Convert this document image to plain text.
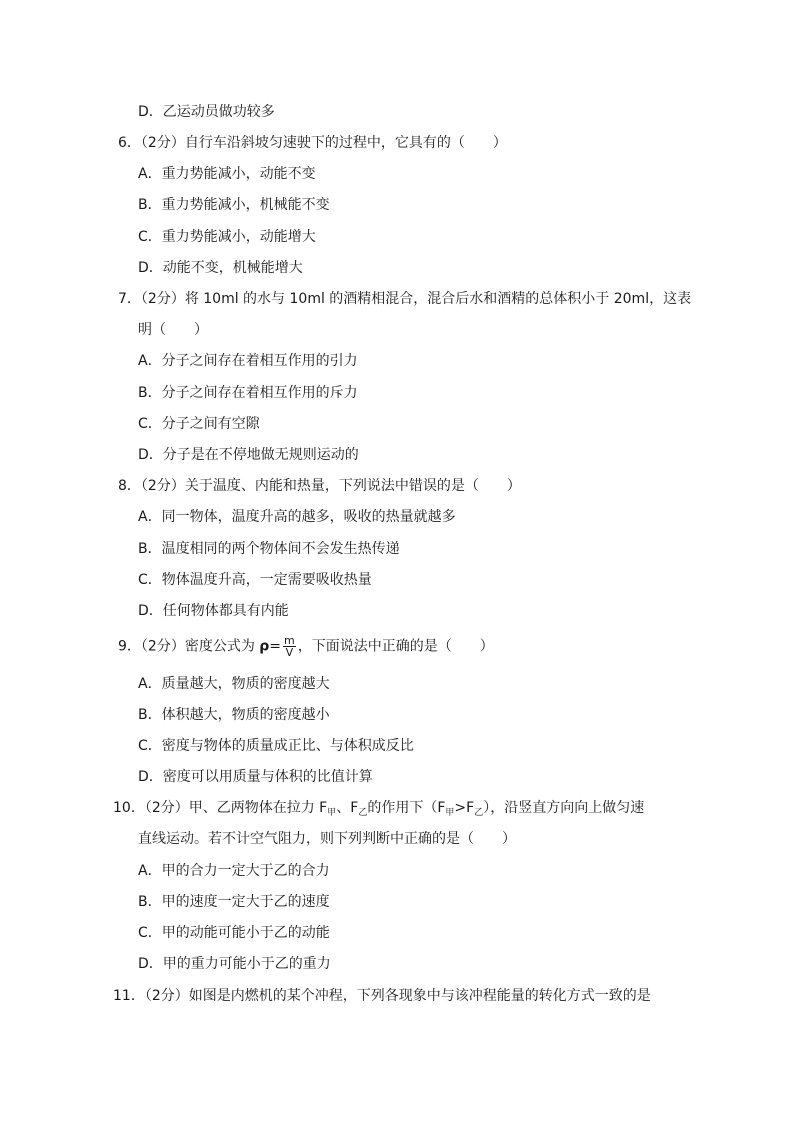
D．乙运动员做功较多
6．（2分）自行车沿斜坡匀速驶下的过程中，它具有的（　　）
A．重力势能减小，动能不变
B．重力势能减小，机械能不变
C．重力势能减小，动能增大
D．动能不变，机械能增大
7．（2分）将 10ml 的水与 10ml 的酒精相混合，混合后水和酒精的总体积小于 20ml，这表
明（　　）
A．分子之间存在着相互作用的引力
B．分子之间存在着相互作用的斥力
C．分子之间有空隙
D．分子是在不停地做无规则运动的
8．（2分）关于温度、内能和热量，下列说法中错误的是（　　）
A．同一物体，温度升高的越多，吸收的热量就越多
B．温度相同的两个物体间不会发生热传递
C．物体温度升高，一定需要吸收热量
D．任何物体都具有内能
9．（2分）密度公式为 $\rho= \frac{m}{V}$ ，下面说法中正确的是（　　）
A．质量越大，物质的密度越大
B．体积越大，物质的密度越小
C．密度与物体的质量成正比、与体积成反比
D．密度可以用质量与体积的比值计算
10．（2分）甲、乙两物体在拉力 $F_甲$、$F_乙$的作用下$(F_甲>F_乙)$，沿竖直方向向上做匀速
直线运动。若不计空气阻力，则下列判断中正确的是（　　）
A．甲的合力一定大于乙的合力
B．甲的速度一定大于乙的速度
C．甲的动能可能小于乙的动能
D．甲的重力可能小于乙的重力
11．（2分）如图是内燃机的某个冲程，下列各现象中与该冲程能量的转化方式一致的是
